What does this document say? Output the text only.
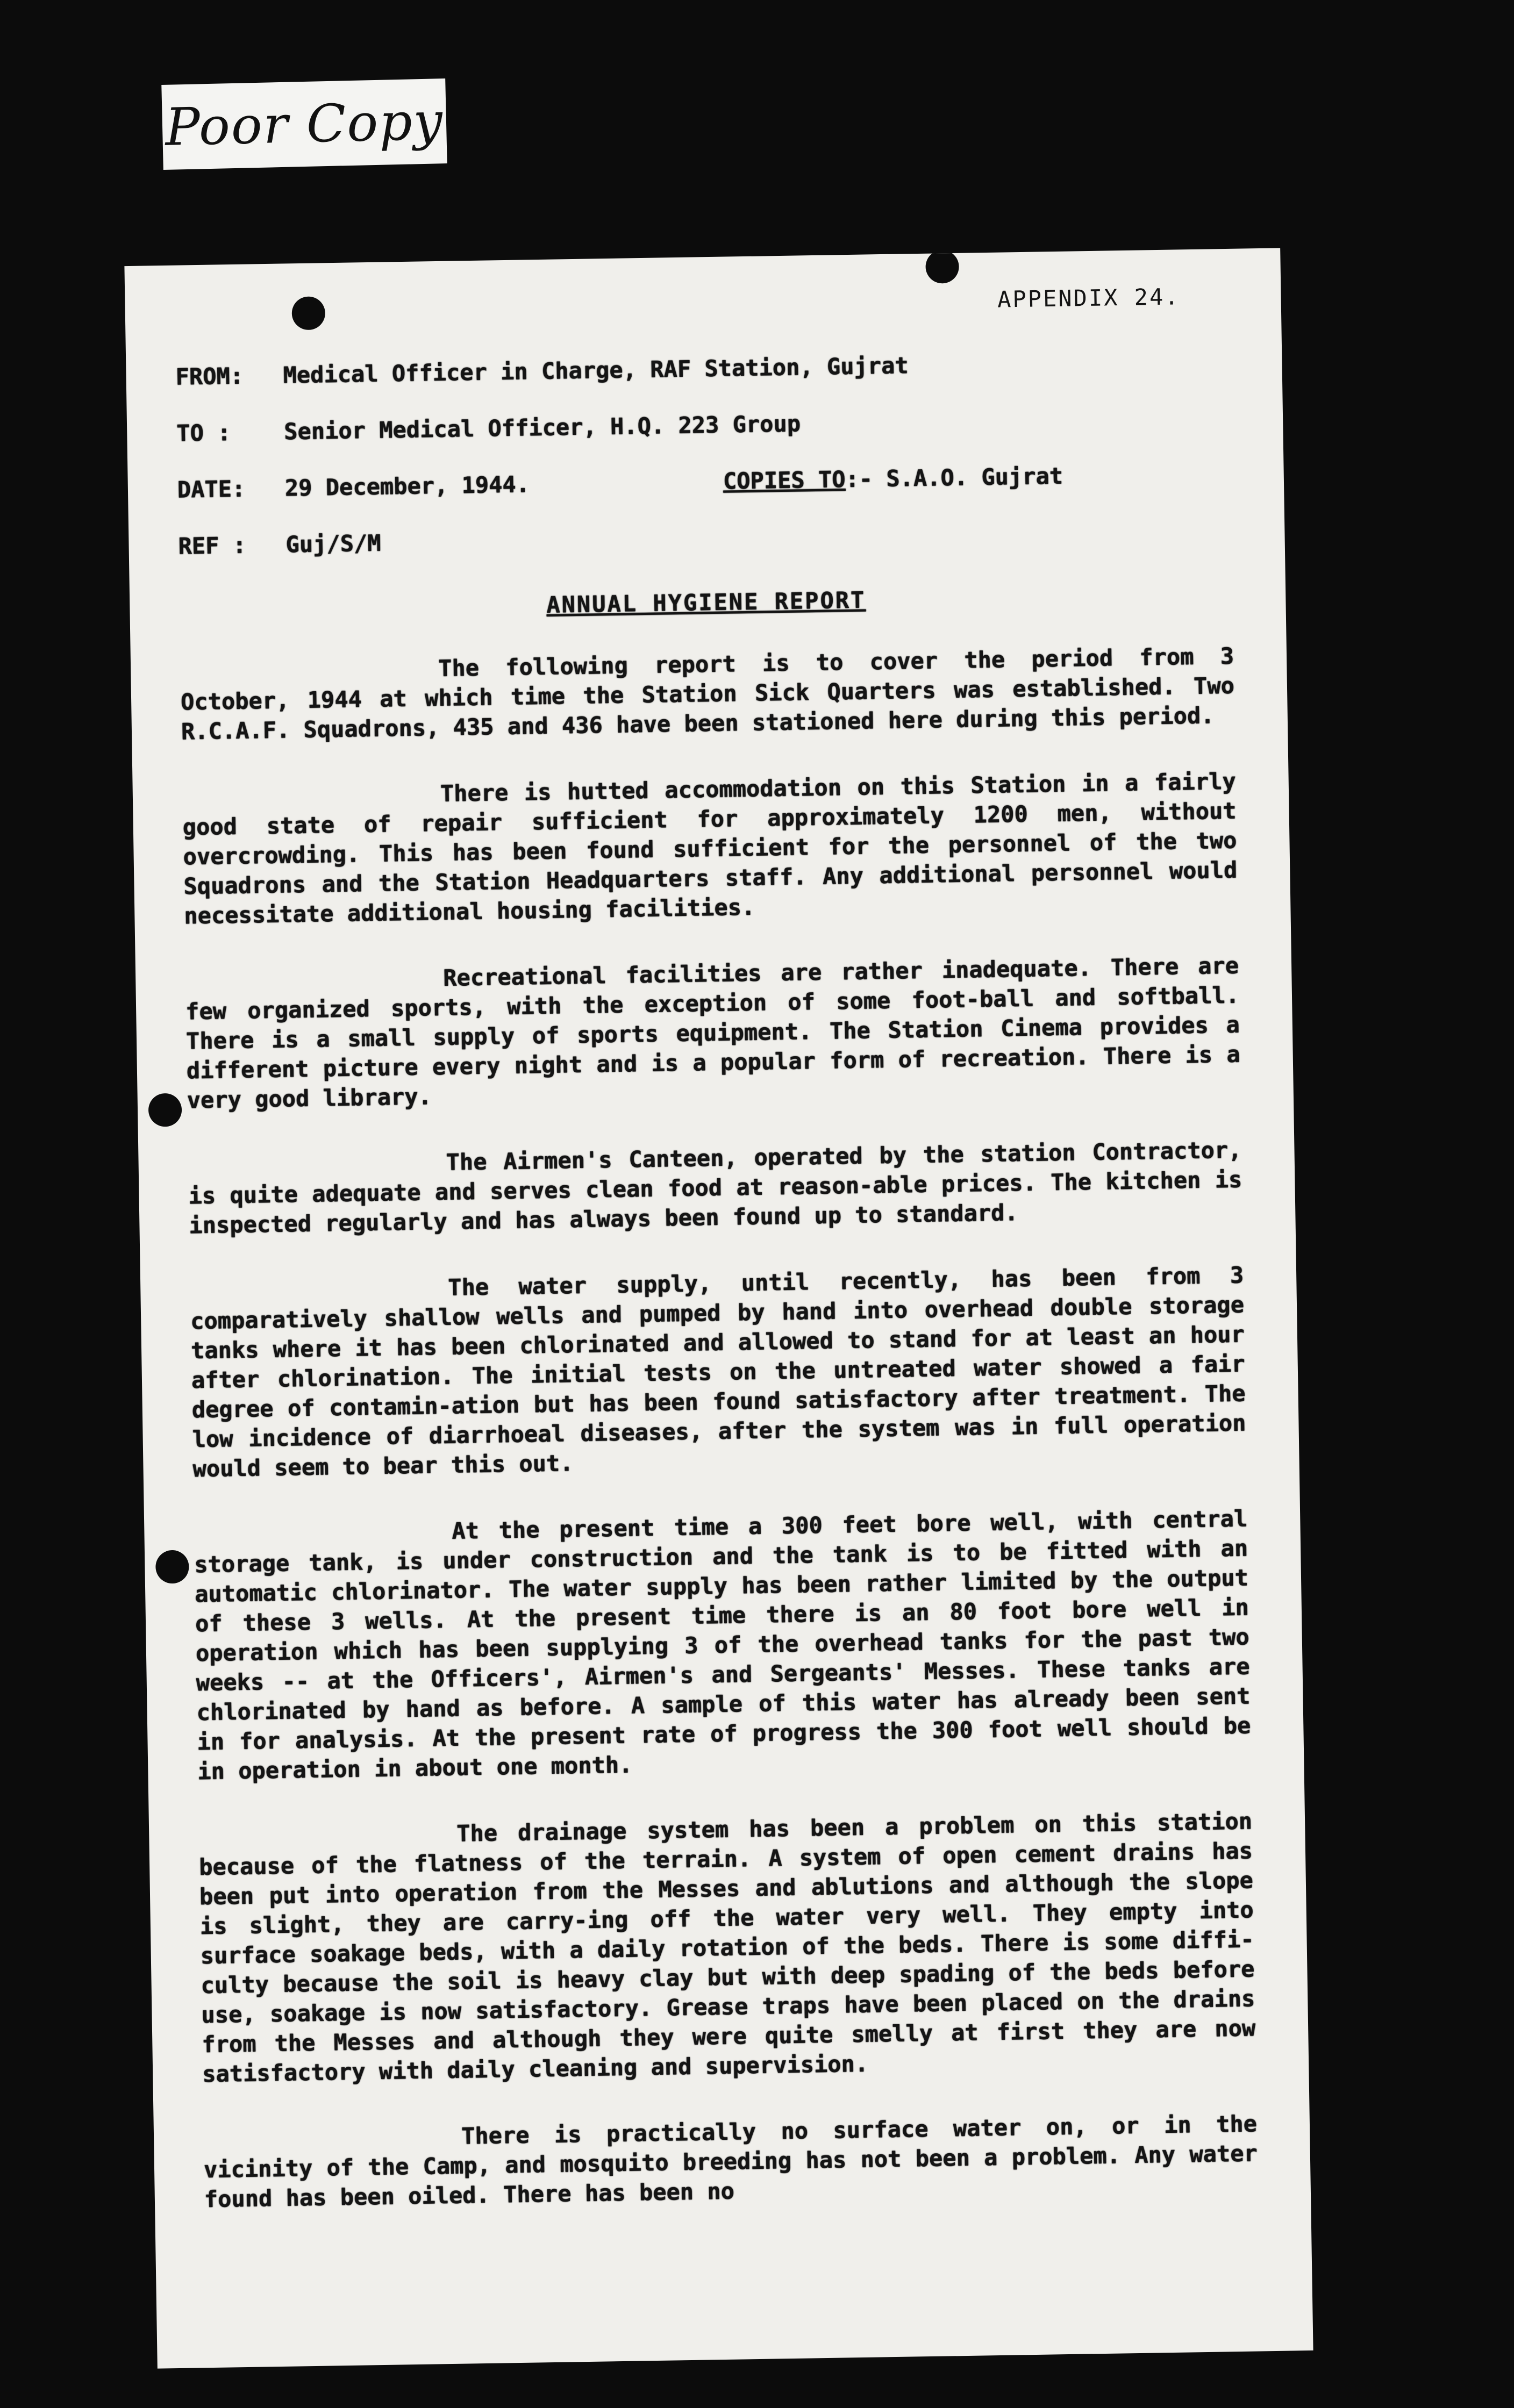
Poor Copy
APPENDIX 24.
FROM:	Medical Officer in Charge, RAF Station, Gujrat
TO :	Senior Medical Officer, H.Q. 223 Group
DATE:	29 December, 1944.	COPIES TO:- S.A.O. Gujrat
REF :	Guj/S/M
ANNUAL HYGIENE REPORT

The following report is to cover the period from 3 October, 1944 at which time the Station Sick Quarters was established. Two R.C.A.F. Squadrons, 435 and 436 have been stationed here during this period.

There is hutted accommodation on this Station in a fairly good state of repair sufficient for approximately 1200 men, without overcrowding. This has been found sufficient for the personnel of the two Squadrons and the Station Headquarters staff. Any additional personnel would necessitate additional housing facilities.

Recreational facilities are rather inadequate. There are few organized sports, with the exception of some foot-ball and softball. There is a small supply of sports equipment. The Station Cinema provides a different picture every night and is a popular form of recreation. There is a very good library.

The Airmen's Canteen, operated by the station Contractor, is quite adequate and serves clean food at reason-able prices. The kitchen is inspected regularly and has always been found up to standard.

The water supply, until recently, has been from 3 comparatively shallow wells and pumped by hand into overhead double storage tanks where it has been chlorinated and allowed to stand for at least an hour after chlorination. The initial tests on the untreated water showed a fair degree of contamin-ation but has been found satisfactory after treatment. The low incidence of diarrhoeal diseases, after the system was in full operation would seem to bear this out.

At the present time a 300 feet bore well, with central storage tank, is under construction and the tank is to be fitted with an automatic chlorinator. The water supply has been rather limited by the output of these 3 wells. At the present time there is an 80 foot bore well in operation which has been supplying 3 of the overhead tanks for the past two weeks -- at the Officers', Airmen's and Sergeants' Messes. These tanks are chlorinated by hand as before. A sample of this water has already been sent in for analysis. At the present rate of progress the 300 foot well should be in operation in about one month.

The drainage system has been a problem on this station because of the flatness of the terrain. A system of open cement drains has been put into operation from the Messes and ablutions and although the slope is slight, they are carry-ing off the water very well. They empty into surface soakage beds, with a daily rotation of the beds. There is some diffi-culty because the soil is heavy clay but with deep spading of the beds before use, soakage is now satisfactory. Grease traps have been placed on the drains from the Messes and although they were quite smelly at first they are now satisfactory with daily cleaning and supervision.

There is practically no surface water on, or in the vicinity of the Camp, and mosquito breeding has not been a problem. Any water found has been oiled. There has been no
